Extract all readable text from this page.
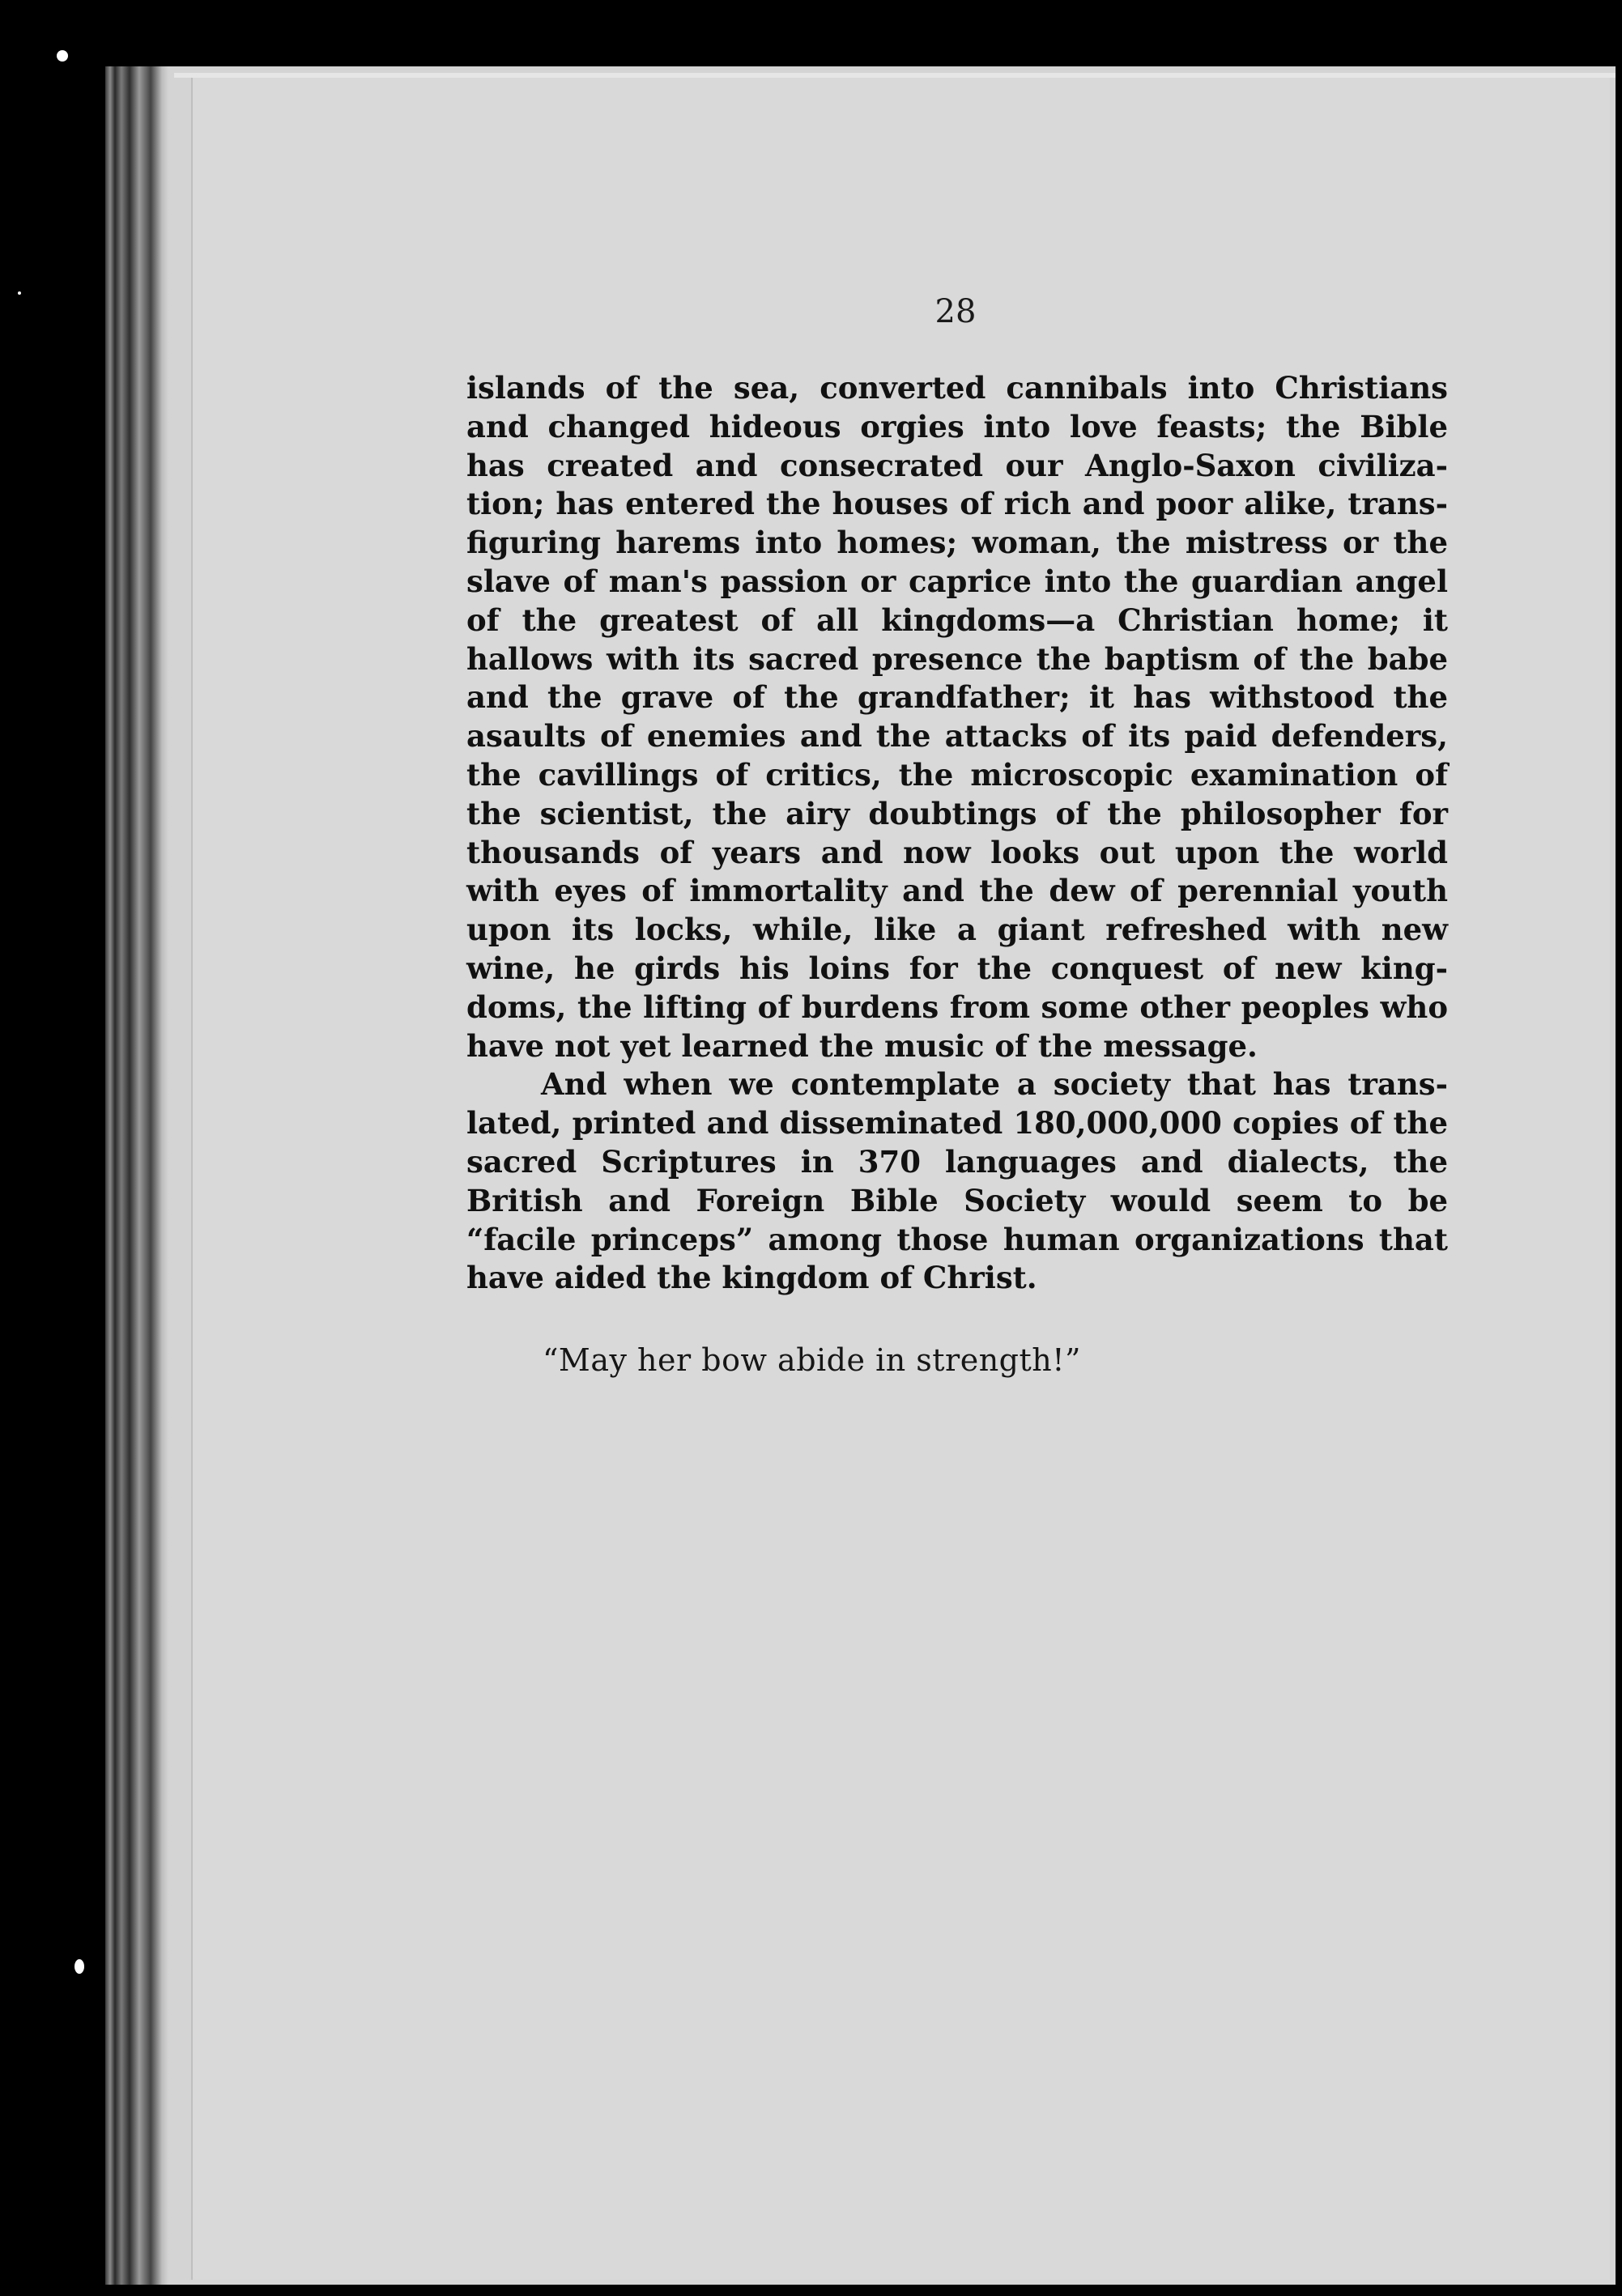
28
islands of the sea, converted cannibals into Christians
and changed hideous orgies into love feasts; the Bible
has created and consecrated our Anglo-Saxon civiliza-
tion; has entered the houses of rich and poor alike, trans-
figuring harems into homes; woman, the mistress or the
slave of man's passion or caprice into the guardian angel
of the greatest of all kingdoms—a Christian home; it
hallows with its sacred presence the baptism of the babe
and the grave of the grandfather; it has withstood the
asaults of enemies and the attacks of its paid defenders,
the cavillings of critics, the microscopic examination of
the scientist, the airy doubtings of the philosopher for
thousands of years and now looks out upon the world
with eyes of immortality and the dew of perennial youth
upon its locks, while, like a giant refreshed with new
wine, he girds his loins for the conquest of new king-
doms, the lifting of burdens from some other peoples who
have not yet learned the music of the message.
And when we contemplate a society that has trans-
lated, printed and disseminated 180,000,000 copies of the
sacred Scriptures in 370 languages and dialects, the
British and Foreign Bible Society would seem to be
“facile princeps” among those human organizations that
have aided the kingdom of Christ.
“May her bow abide in strength!”
